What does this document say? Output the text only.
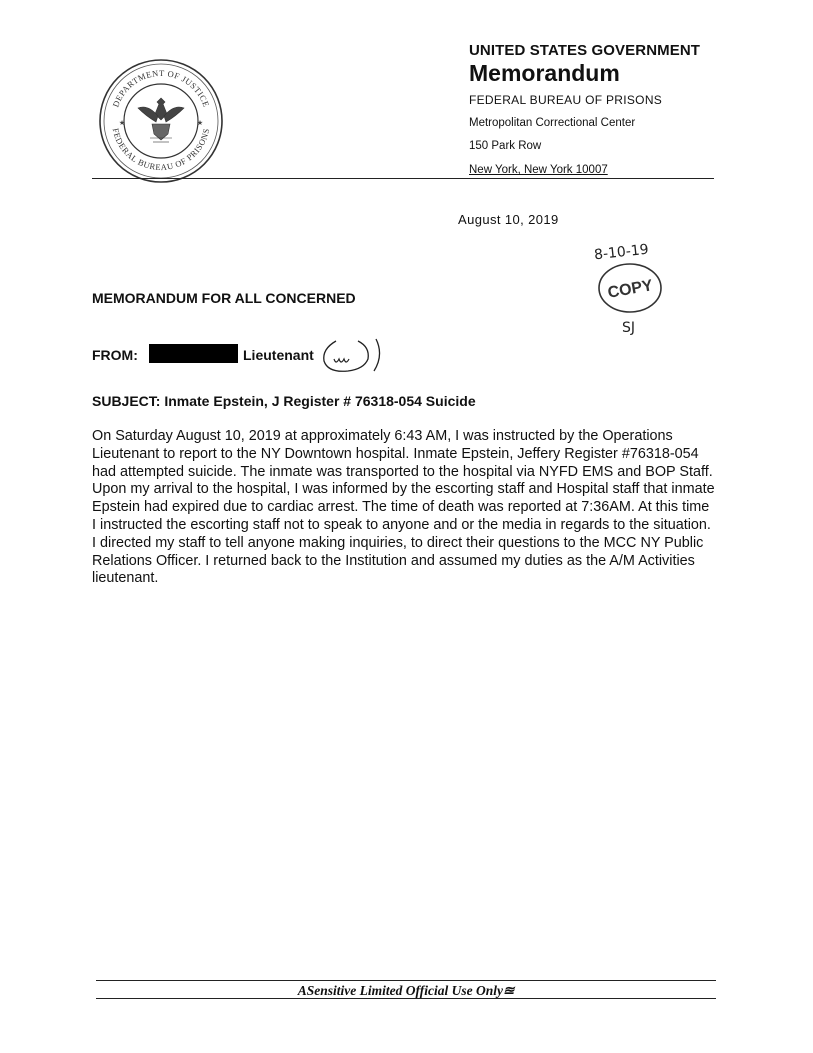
DEPARTMENT OF JUSTICE
FEDERAL BUREAU OF PRISONS
★	★
UNITED STATES GOVERNMENT
Memorandum
FEDERAL BUREAU OF PRISONS
Metropolitan Correctional Center
150 Park Row
New York, New York 10007
August 10, 2019
8-10-19
COPY
SJ
MEMORANDUM FOR ALL CONCERNED
FROM:	Lieutenant
SUBJECT: Inmate Epstein, J Register # 76318-054 Suicide

On Saturday August 10, 2019 at approximately 6:43 AM, I was instructed by the Operations Lieutenant to report to the NY Downtown hospital. Inmate Epstein, Jeffery Register #76318-054 had attempted suicide. The inmate was transported to the hospital via NYFD EMS and BOP Staff. Upon my arrival to the hospital, I was informed by the escorting staff and Hospital staff that inmate Epstein had expired due to cardiac arrest. The time of death was reported at 7:36AM. At this time I instructed the escorting staff not to speak to anyone and or the media in regards to the situation. I directed my staff to tell anyone making inquiries, to direct their questions to the MCC NY Public Relations Officer. I returned back to the Institution and assumed my duties as the A/M Activities lieutenant.

ASensitive Limited Official Use Only≊
